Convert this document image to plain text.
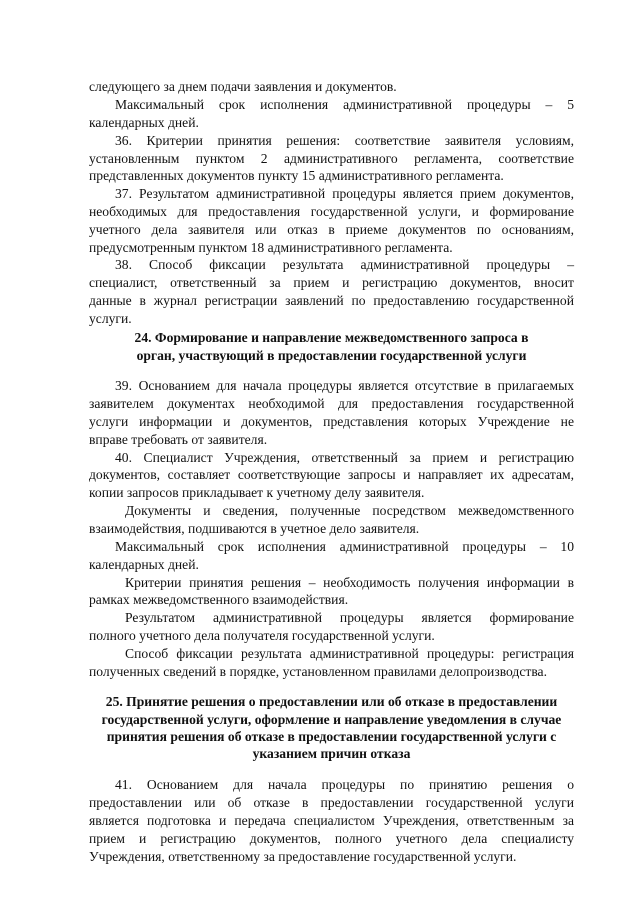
следующего за днем подачи заявления и документов.
Максимальный срок исполнения административной процедуры – 5
календарных дней.
36. Критерии принятия решения: соответствие заявителя условиям,
установленным пунктом 2 административного регламента, соответствие
представленных документов пункту 15 административного регламента.
37. Результатом административной процедуры является прием документов,
необходимых для предоставления государственной услуги, и формирование
учетного дела заявителя или отказ в приеме документов по основаниям,
предусмотренным пунктом 18 административного регламента.
38. Способ фиксации результата административной процедуры –
специалист, ответственный за прием и регистрацию документов, вносит
данные в журнал регистрации заявлений по предоставлению государственной
услуги.
24. Формирование и направление межведомственного запроса в
орган, участвующий в предоставлении государственной услуги
39. Основанием для начала процедуры является отсутствие в прилагаемых
заявителем документах необходимой для предоставления государственной
услуги информации и документов, представления которых Учреждение не
вправе требовать от заявителя.
40. Специалист Учреждения, ответственный за прием и регистрацию
документов, составляет соответствующие запросы и направляет их адресатам,
копии запросов прикладывает к учетному делу заявителя.
Документы и сведения, полученные посредством межведомственного
взаимодействия, подшиваются в учетное дело заявителя.
Максимальный срок исполнения административной процедуры – 10
календарных дней.
Критерии принятия решения – необходимость получения информации в
рамках межведомственного взаимодействия.
Результатом административной процедуры является формирование
полного учетного дела получателя государственной услуги.
Способ фиксации результата административной процедуры: регистрация
полученных сведений в порядке, установленном правилами делопроизводства.
25. Принятие решения о предоставлении или об отказе в предоставлении
государственной услуги, оформление и направление уведомления в случае
принятия решения об отказе в предоставлении государственной услуги с
указанием причин отказа
41. Основанием для начала процедуры по принятию решения о
предоставлении или об отказе в предоставлении государственной услуги
является подготовка и передача специалистом Учреждения, ответственным за
прием и регистрацию документов, полного учетного дела специалисту
Учреждения, ответственному за предоставление государственной услуги.
